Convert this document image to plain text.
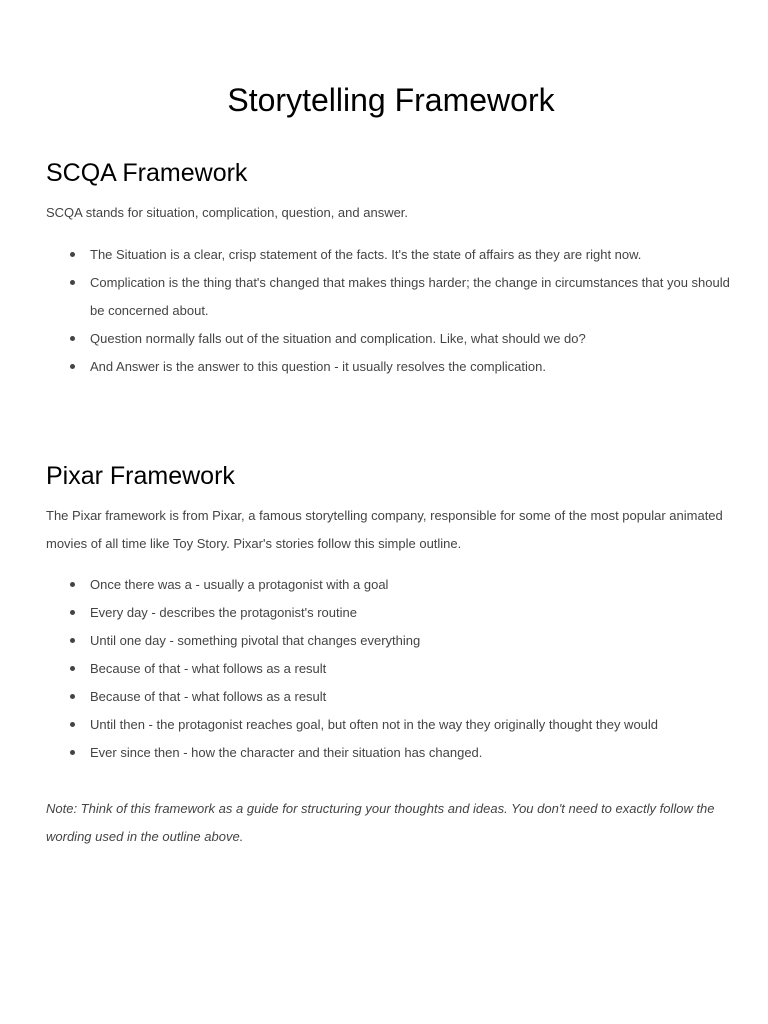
Storytelling Framework
SCQA Framework

SCQA stands for situation, complication, question, and answer.

The Situation is a clear, crisp statement of the facts. It's the state of affairs as they are right now.
Complication is the thing that's changed that makes things harder; the change in circumstances that you should be concerned about.
Question normally falls out of the situation and complication. Like, what should we do?
And Answer is the answer to this question - it usually resolves the complication.
Pixar Framework

The Pixar framework is from Pixar, a famous storytelling company, responsible for some of the most popular animated movies of all time like Toy Story. Pixar's stories follow this simple outline.

Once there was a - usually a protagonist with a goal
Every day - describes the protagonist's routine
Until one day - something pivotal that changes everything
Because of that - what follows as a result
Because of that - what follows as a result
Until then - the protagonist reaches goal, but often not in the way they originally thought they would
Ever since then - how the character and their situation has changed.

Note: Think of this framework as a guide for structuring your thoughts and ideas. You don't need to exactly follow the wording used in the outline above.
